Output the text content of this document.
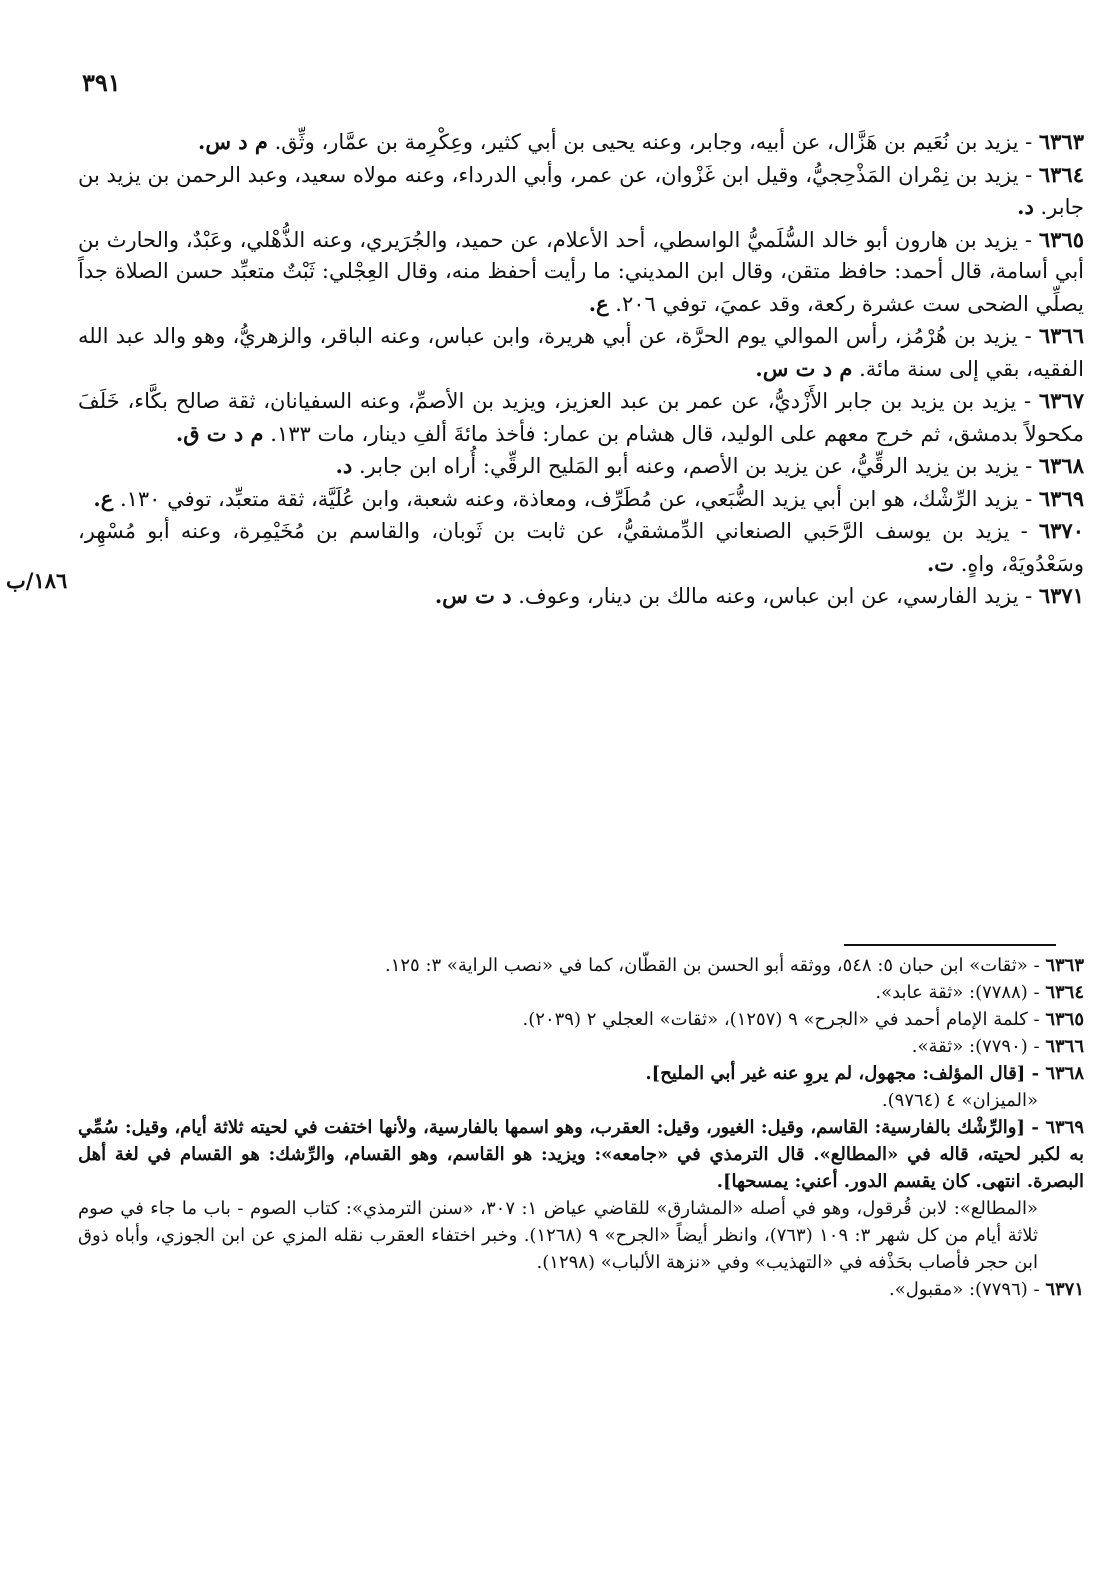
٣٩١
١٨٦/ب

٦٣٦٣ - يزيد بن نُعَيم بن هَزَّال، عن أبيه، وجابر، وعنه يحيى بن أبي كثير، وعِكْرِمة بن عمَّار، وثِّق. م د س.

٦٣٦٤ - يزيد بن نِمْران المَذْحِجيُّ، وقيل ابن غَزْوان، عن عمر، وأبي الدرداء، وعنه مولاه سعيد، وعبد الرحمن بن يزيد بن جابر. د.

٦٣٦٥ - يزيد بن هارون أبو خالد السُّلَميُّ الواسطي، أحد الأعلام، عن حميد، والجُرَيري، وعنه الذُّهْلي، وعَبْدٌ، والحارث بن أبي أسامة، قال أحمد: حافظ متقن، وقال ابن المديني: ما رأيت أحفظ منه، وقال العِجْلي: ثَبْتٌ متعبِّد حسن الصلاة جداً يصلِّي الضحى ست عشرة ركعة، وقد عميَ، توفي ٢٠٦. ع.

٦٣٦٦ - يزيد بن هُرْمُز، رأس الموالي يوم الحرَّة، عن أبي هريرة، وابن عباس، وعنه الباقر، والزهريُّ، وهو والد عبد الله الفقيه، بقي إلى سنة مائة. م د ت س.

٦٣٦٧ - يزيد بن يزيد بن جابر الأَزْديُّ، عن عمر بن عبد العزيز، ويزيد بن الأصمِّ، وعنه السفيانان، ثقة صالح بكَّاء، خَلَفَ مكحولاً بدمشق، ثم خرج معهم على الوليد، قال هشام بن عمار: فأخذ مائةَ ألفِ دينار، مات ١٣٣. م د ت ق.

٦٣٦٨ - يزيد بن يزيد الرقِّيُّ، عن يزيد بن الأصم، وعنه أبو المَليح الرقِّي: أُراه ابن جابر. د.

٦٣٦٩ - يزيد الرِّشْك، هو ابن أبي يزيد الضُّبَعي، عن مُطَرِّف، ومعاذة، وعنه شعبة، وابن عُلَيَّة، ثقة متعبِّد، توفي ١٣٠. ع.

٦٣٧٠ - يزيد بن يوسف الرَّحَبي الصنعاني الدِّمشقيُّ، عن ثابت بن ثَوبان، والقاسم بن مُخَيْمِرة، وعنه أبو مُسْهِر، وسَعْدُويَهْ، واهٍ. ت.

٦٣٧١ - يزيد الفارسي، عن ابن عباس، وعنه مالك بن دينار، وعوف. د ت س.

٦٣٦٣ - «ثقات» ابن حبان ٥: ٥٤٨، ووثقه أبو الحسن بن القطّان، كما في «نصب الراية» ٣: ١٢٥.

٦٣٦٤ - (٧٧٨٨): «ثقة عابد».

٦٣٦٥ - كلمة الإمام أحمد في «الجرح» ٩ (١٢٥٧)، «ثقات» العجلي ٢ (٢٠٣٩).

٦٣٦٦ - (٧٧٩٠): «ثقة».

٦٣٦٨ - [قال المؤلف: مجهول، لم يروِ عنه غير أبي المليح].

«الميزان» ٤ (٩٧٦٤).

٦٣٦٩ - [والرِّشْك بالفارسية: القاسم، وقيل: الغيور، وقيل: العقرب، وهو اسمها بالفارسية، ولأنها اختفت في لحيته ثلاثة أيام، وقيل: سُمِّي به لكبر لحيته، قاله في «المطالع». قال الترمذي في «جامعه»: ويزيد: هو القاسم، وهو القسام، والرِّشك: هو القسام في لغة أهل البصرة. انتهى. كان يقسم الدور. أعني: يمسحها].

«المطالع»: لابن قُرقول، وهو في أصله «المشارق» للقاضي عياض ١: ٣٠٧، «سنن الترمذي»: كتاب الصوم - باب ما جاء في صوم ثلاثة أيام من كل شهر ٣: ١٠٩ (٧٦٣)، وانظر أيضاً «الجرح» ٩ (١٢٦٨). وخبر اختفاء العقرب نقله المزي عن ابن الجوزي، وأباه ذوق ابن حجر فأصاب بحَذْفه في «التهذيب» وفي «نزهة الألباب» (١٢٩٨).

٦٣٧١ - (٧٧٩٦): «مقبول».
